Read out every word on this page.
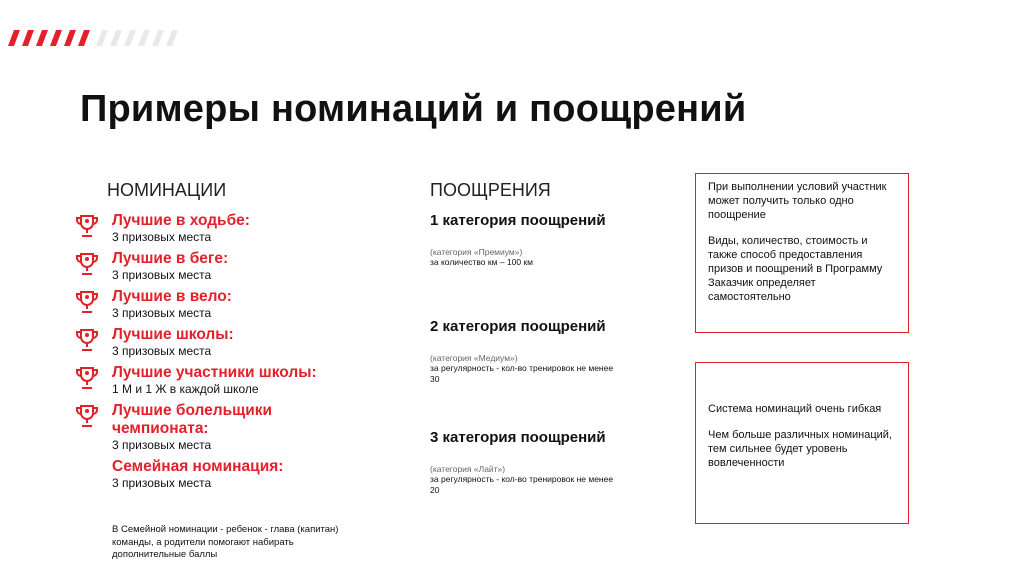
Примеры номинаций и поощрений
НОМИНАЦИИ	ПООЩРЕНИЯ
Лучшие в ходьбе:
3 призовых места
Лучшие в беге:
3 призовых места
Лучшие в вело:
3 призовых места
Лучшие школы:
3 призовых места
Лучшие участники школы:
1 М и 1 Ж в каждой школе
Лучшие болельщики чемпионата:
3 призовых места
Семейная номинация:
3 призовых места
В Семейной номинации - ребенок - глава (капитан) команды, а родители помогают набирать дополнительные баллы
1 категория поощрений
(категория «Премиум»)
за количество км – 100 км
2 категория поощрений
(категория «Медиум»)
за регулярность - кол-во тренировок не менее 30
3 категория поощрений
(категория «Лайт»)
за регулярность - кол-во тренировок не менее 20

При выполнении условий участник может получить только одно поощрение

Виды, количество, стоимость и также способ предоставления призов и поощрений в Программу Заказчик определяет самостоятельно

Система номинаций очень гибкая

Чем больше различных номинаций, тем сильнее будет уровень вовлеченности
